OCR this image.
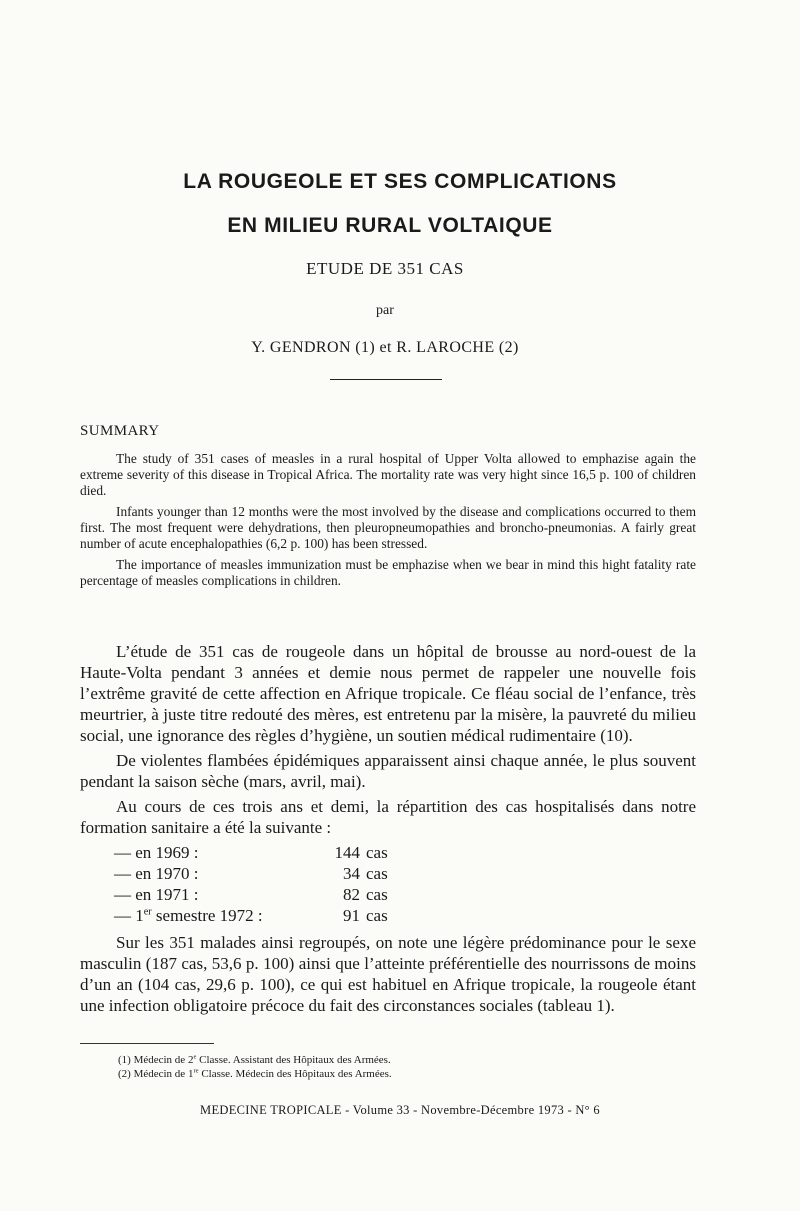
LA ROUGEOLE ET SES COMPLICATIONS
EN MILIEU RURAL VOLTAIQUE
ETUDE DE 351 CAS
par
Y. GENDRON (1) et R. LAROCHE (2)
SUMMARY

The study of 351 cases of measles in a rural hospital of Upper Volta allowed to emphazise again the extreme severity of this disease in Tropical Africa. The mortality rate was very hight since 16,5 p. 100 of children died.

Infants younger than 12 months were the most involved by the disease and complications occurred to them first. The most frequent were dehydrations, then pleuropneumopathies and broncho-pneumonias. A fairly great number of acute encephalopathies (6,2 p. 100) has been stressed.

The importance of measles immunization must be emphazise when we bear in mind this hight fatality rate percentage of measles complications in children.

L’étude de 351 cas de rougeole dans un hôpital de brousse au nord-ouest de la Haute-Volta pendant 3 années et demie nous permet de rappeler une nouvelle fois l’extrême gravité de cette affection en Afrique tropicale. Ce fléau social de l’enfance, très meurtrier, à juste titre redouté des mères, est entretenu par la misère, la pauvreté du milieu social, une ignorance des règles d’hygiène, un soutien médical rudimentaire (10).

De violentes flambées épidémiques apparaissent ainsi chaque année, le plus souvent pendant la saison sèche (mars, avril, mai).

Au cours de ces trois ans et demi, la répartition des cas hospitalisés dans notre formation sanitaire a été la suivante :

— en 1969 :	144 cas
— en 1970 :	34 cas
— en 1971 :	82 cas
— 1er semestre 1972 :	91 cas

Sur les 351 malades ainsi regroupés, on note une légère prédominance pour le sexe masculin (187 cas, 53,6 p. 100) ainsi que l’atteinte préférentielle des nourrissons de moins d’un an (104 cas, 29,6 p. 100), ce qui est habituel en Afrique tropicale, la rougeole étant une infection obligatoire précoce du fait des circonstances sociales (tableau 1).

(1) Médecin de 2e Classe. Assistant des Hôpitaux des Armées.
(2) Médecin de 1re Classe. Médecin des Hôpitaux des Armées.
MEDECINE TROPICALE - Volume 33 - Novembre-Décembre 1973 - N° 6
